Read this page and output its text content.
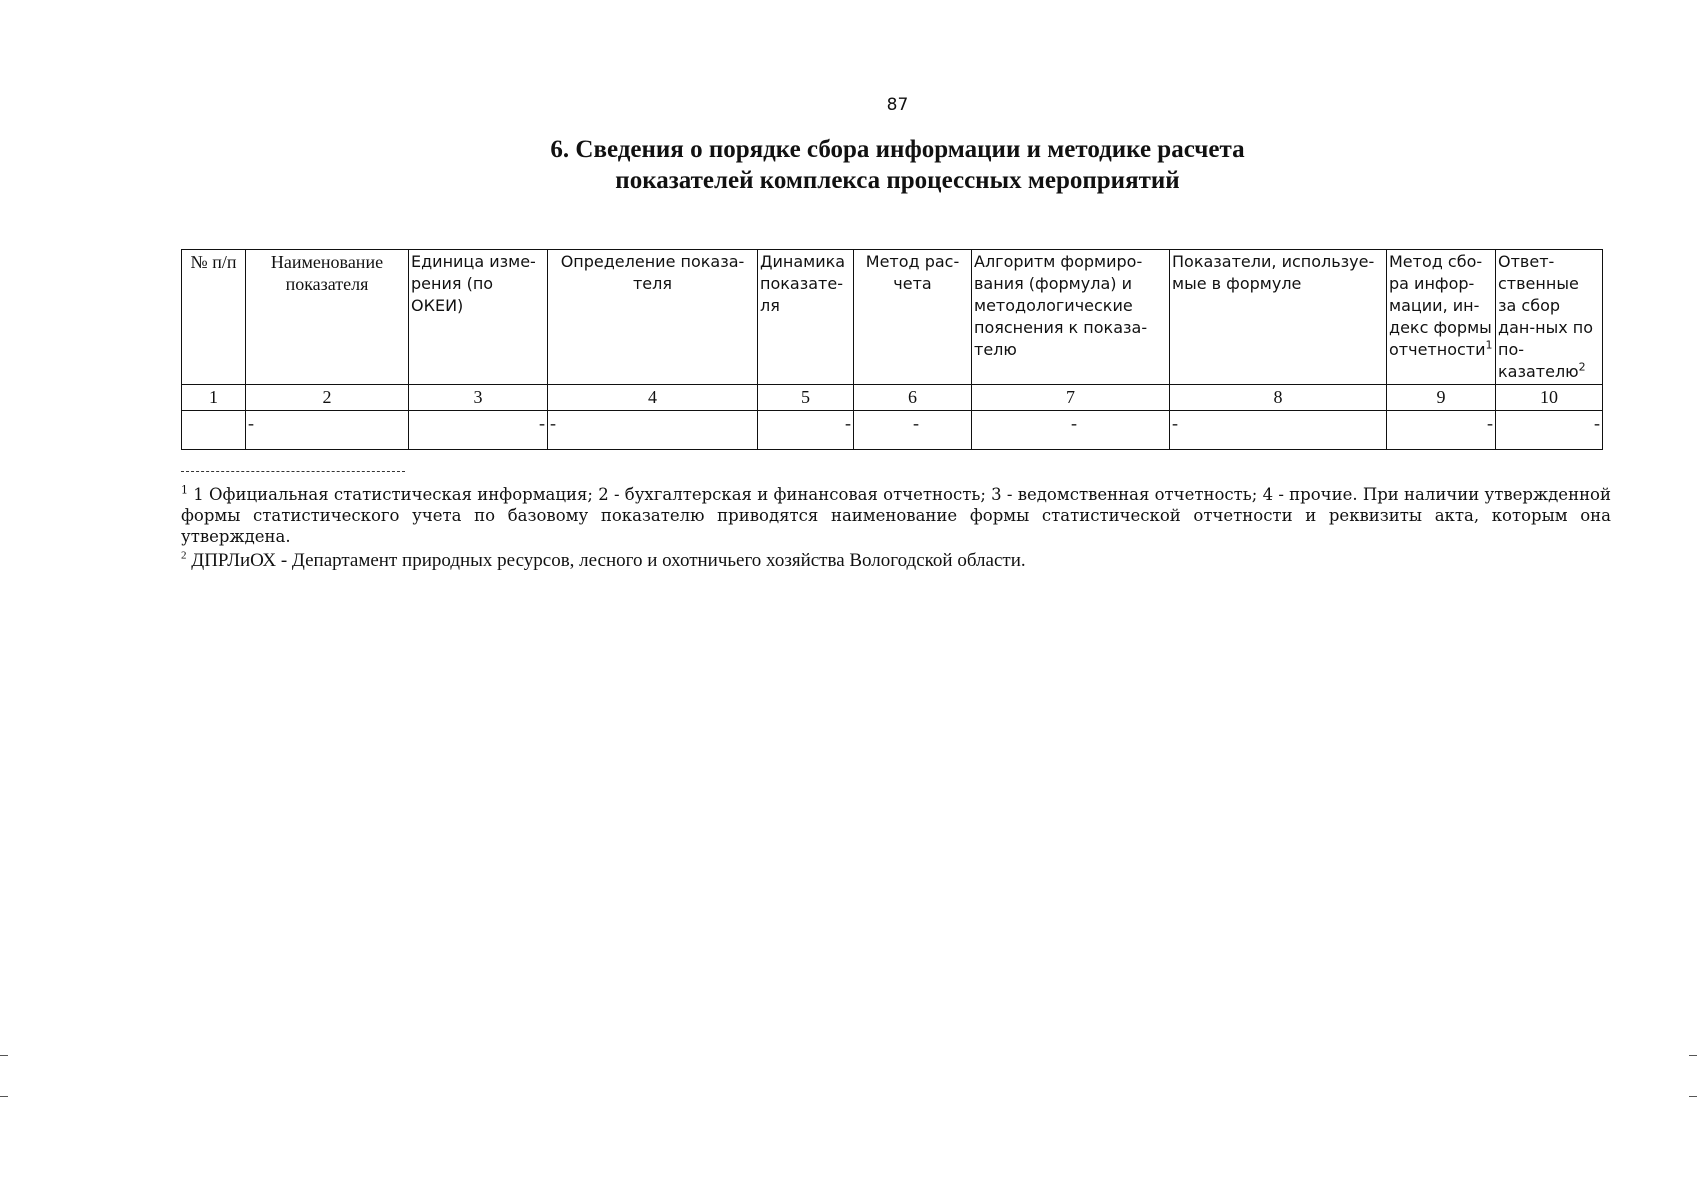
87
6. Сведения о порядке сбора информации и методике расчета
показателей комплекса процессных мероприятий
№ п/п	Наименование показателя	Единица изме-рения (по ОКЕИ)	Определение показа-теля	Динамика показате-ля	Метод рас-чета	Алгоритм формиро-вания (формула) и методологические пояснения к показа-телю	Показатели, используе-мые в формуле	Метод сбо-ра инфор-мации, ин-декс формы отчетности$^1$	Ответ-ственные за сбор дан-ных по по-казателю$^2$
1	2	3	4	5	6	7	8	9	10
	-	-	-	-	-	-	-	-	-
$^1$ 1 Официальная статистическая информация; 2 - бухгалтерская и финансовая отчетность; 3 - ведомственная отчетность; 4 - прочие. При наличии утвержденной формы статистического учета по базовому показателю приводятся наименование формы статистической отчетности и реквизиты акта, которым она утверждена.
$^2$ ДПРЛиОХ - Департамент природных ресурсов, лесного и охотничьего хозяйства Вологодской области.
